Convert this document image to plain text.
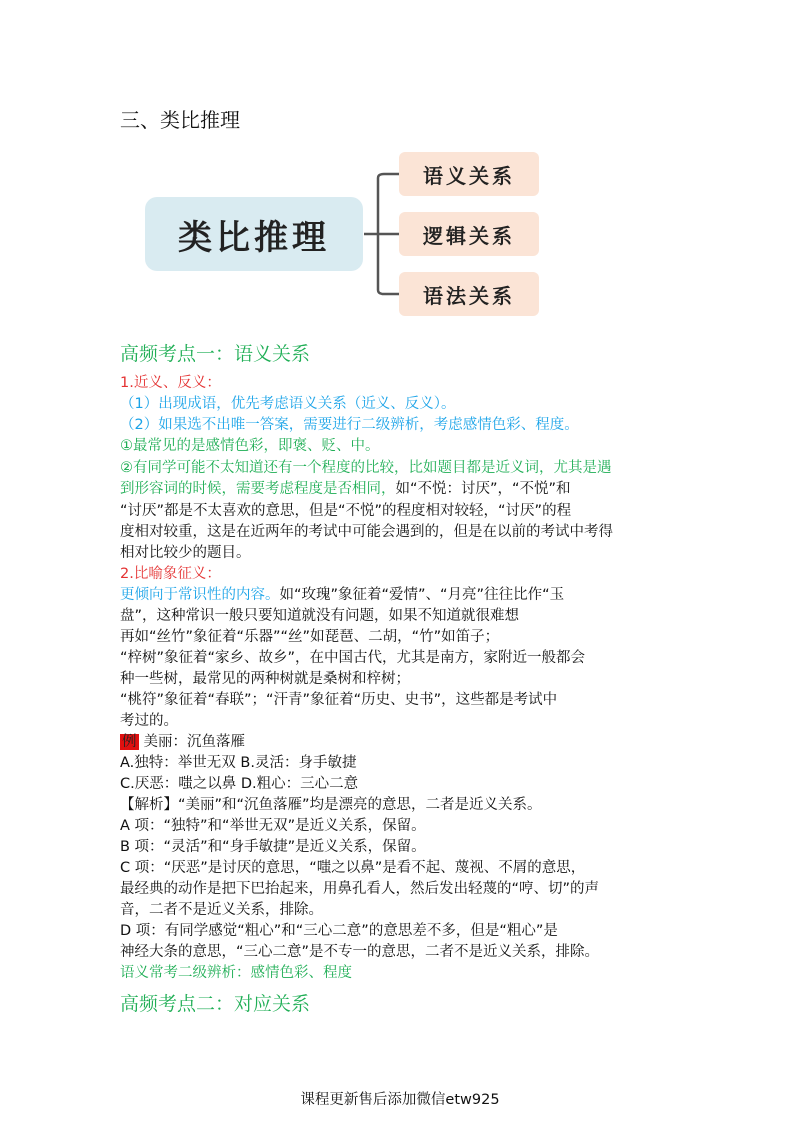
三、类比推理
类比推理
语义关系
逻辑关系
语法关系
高频考点一：语义关系
1.近义、反义：
（1）出现成语，优先考虑语义关系（近义、反义）。
（2）如果选不出唯一答案，需要进行二级辨析，考虑感情色彩、程度。
①最常见的是感情色彩，即褒、贬、中。
②有同学可能不太知道还有一个程度的比较，比如题目都是近义词，尤其是遇
到形容词的时候，需要考虑程度是否相同，如“不悦：讨厌”，“不悦”和
“讨厌”都是不太喜欢的意思，但是“不悦”的程度相对较轻，“讨厌”的程
度相对较重，这是在近两年的考试中可能会遇到的，但是在以前的考试中考得
相对比较少的题目。
2.比喻象征义：
更倾向于常识性的内容。如“玫瑰”象征着“爱情”、“月亮”往往比作“玉
盘”，这种常识一般只要知道就没有问题，如果不知道就很难想
再如“丝竹”象征着“乐器”“丝”如琵琶、二胡，“竹”如笛子；
“梓树”象征着“家乡、故乡”，在中国古代，尤其是南方，家附近一般都会
种一些树，最常见的两种树就是桑树和梓树；
“桃符”象征着“春联”；“汗青”象征着“历史、史书”，这些都是考试中
考过的。
例 美丽：沉鱼落雁
A.独特：举世无双 B.灵活：身手敏捷
C.厌恶：嗤之以鼻 D.粗心：三心二意
【解析】“美丽”和“沉鱼落雁”均是漂亮的意思，二者是近义关系。
A 项：“独特”和“举世无双”是近义关系，保留。
B 项：“灵活”和“身手敏捷”是近义关系，保留。
C 项：“厌恶”是讨厌的意思，“嗤之以鼻”是看不起、蔑视、不屑的意思，
最经典的动作是把下巴抬起来，用鼻孔看人，然后发出轻蔑的“哼、切”的声
音，二者不是近义关系，排除。
D 项：有同学感觉“粗心”和“三心二意”的意思差不多，但是“粗心”是
神经大条的意思，“三心二意”是不专一的意思，二者不是近义关系，排除。
语义常考二级辨析：感情色彩、程度
高频考点二：对应关系
课程更新售后添加微信etw925
